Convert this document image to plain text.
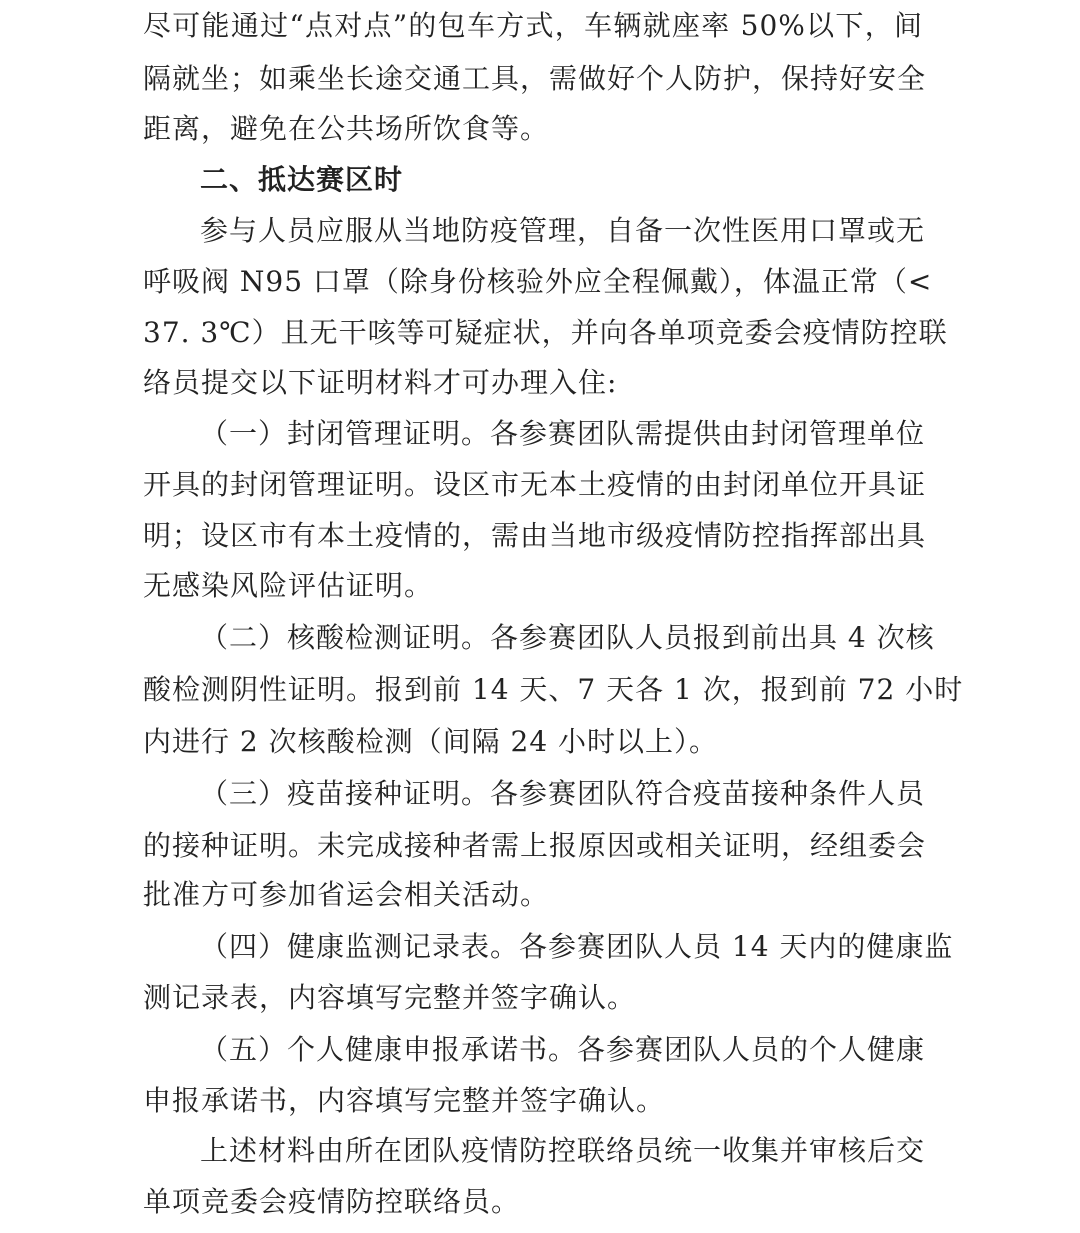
尽可能通过“点对点”的包车方式，车辆就座率 50%以下，间
隔就坐；如乘坐长途交通工具，需做好个人防护，保持好安全
距离，避免在公共场所饮食等。
二、抵达赛区时
参与人员应服从当地防疫管理，自备一次性医用口罩或无
呼吸阀 N95 口罩（除身份核验外应全程佩戴），体温正常（<
37. 3℃）且无干咳等可疑症状，并向各单项竞委会疫情防控联
络员提交以下证明材料才可办理入住:
（一）封闭管理证明。各参赛团队需提供由封闭管理单位
开具的封闭管理证明。设区市无本土疫情的由封闭单位开具证
明；设区市有本土疫情的，需由当地市级疫情防控指挥部出具
无感染风险评估证明。
（二）核酸检测证明。各参赛团队人员报到前出具 4 次核
酸检测阴性证明。报到前 14 天、7 天各 1 次，报到前 72 小时
内进行 2 次核酸检测（间隔 24 小时以上）。
（三）疫苗接种证明。各参赛团队符合疫苗接种条件人员
的接种证明。未完成接种者需上报原因或相关证明，经组委会
批准方可参加省运会相关活动。
（四）健康监测记录表。各参赛团队人员 14 天内的健康监
测记录表，内容填写完整并签字确认。
（五）个人健康申报承诺书。各参赛团队人员的个人健康
申报承诺书，内容填写完整并签字确认。
上述材料由所在团队疫情防控联络员统一收集并审核后交
单项竞委会疫情防控联络员。
